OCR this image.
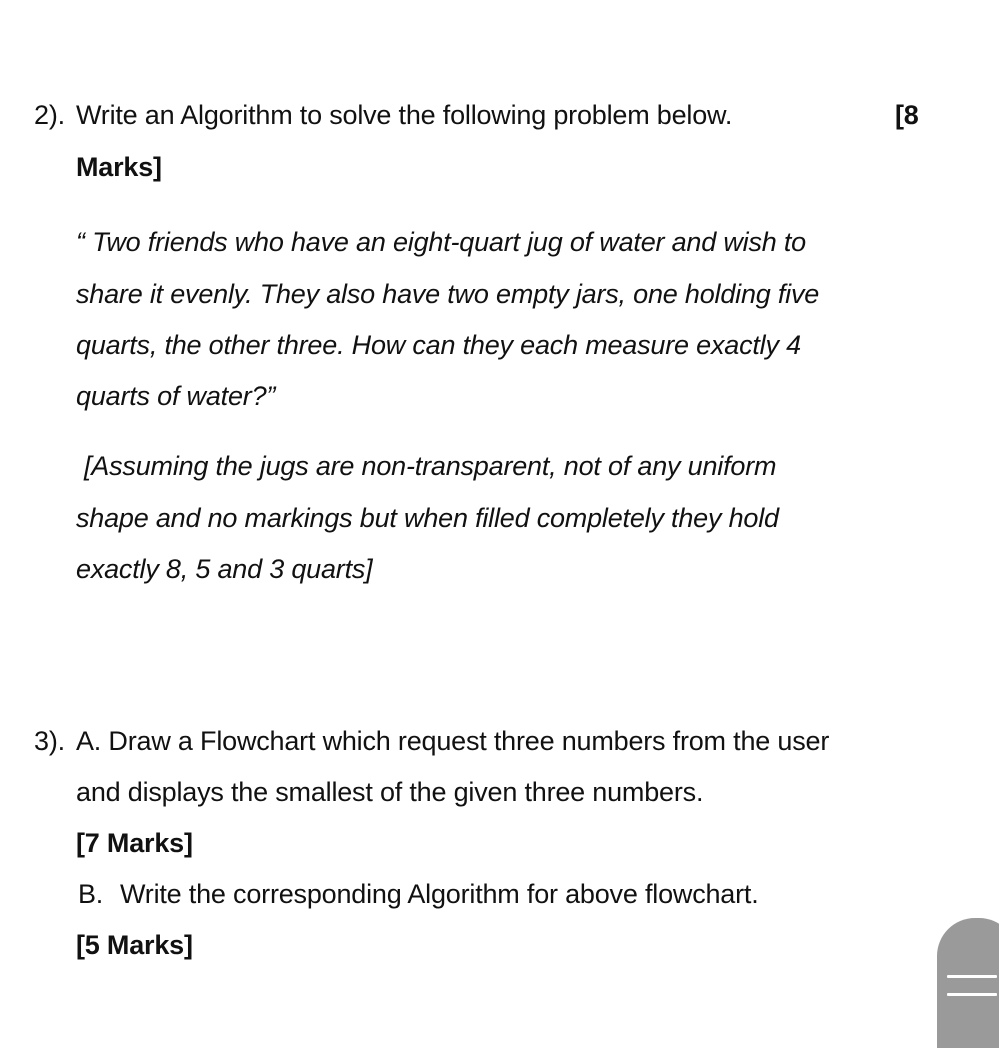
2). Write an Algorithm to solve the following problem below.	[8
Marks]
“ Two friends who have an eight-quart jug of water and wish to
share it evenly. They also have two empty jars, one holding five
quarts, the other three. How can they each measure exactly 4
quarts of water?”
[Assuming the jugs are non-transparent, not of any uniform
shape and no markings but when filled completely they hold
exactly 8, 5 and 3 quarts]
3). A. Draw a Flowchart which request three numbers from the user
and displays the smallest of the given three numbers.
[7 Marks]
B. Write the corresponding Algorithm for above flowchart.
[5 Marks]
